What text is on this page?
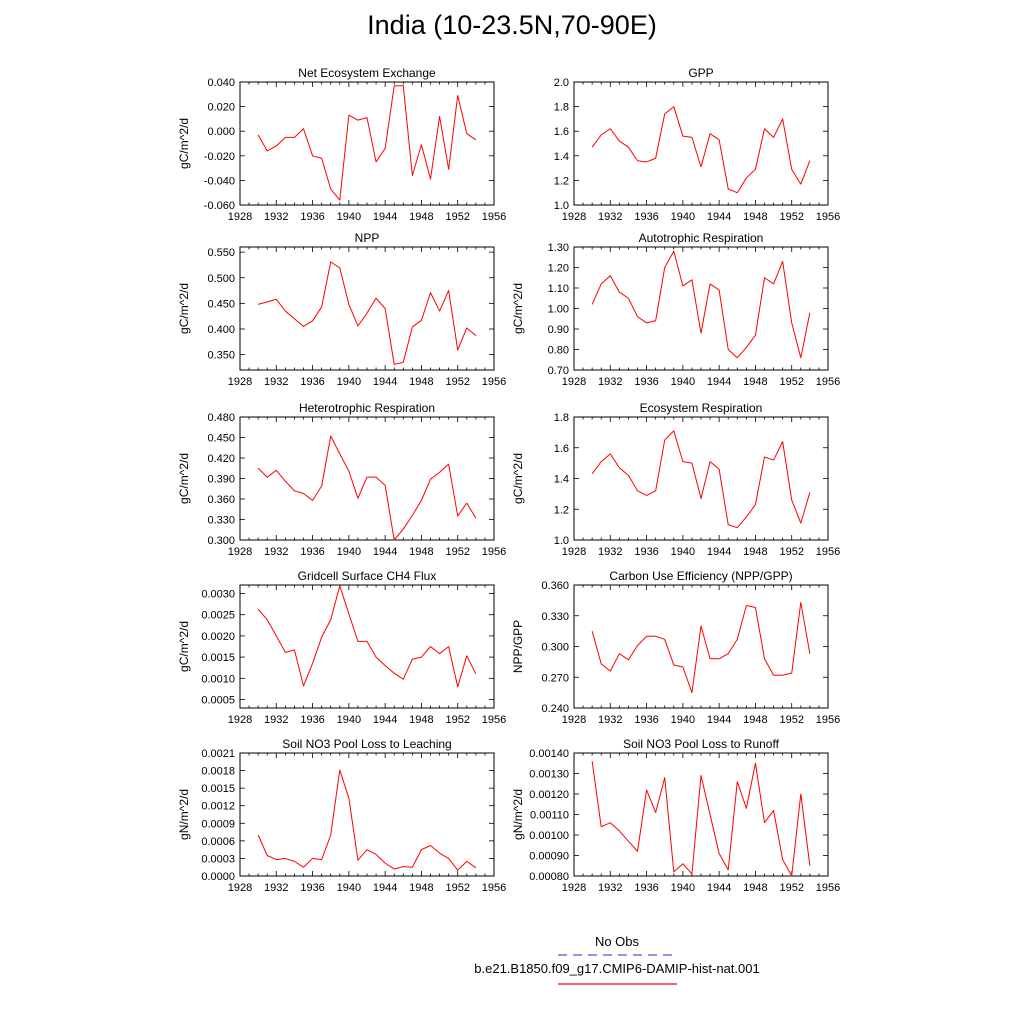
India (10-23.5N,70-90E)
Net Ecosystem Exchange
gC/m^2/d
1928 1932 1936 1940 1944 1948 1952 1956
-0.060
-0.040
-0.020
0.000
0.020
0.040
GPP
1928 1932 1936 1940 1944 1948 1952 1956
1.0
1.2
1.4
1.6
1.8
2.0
NPP
gC/m^2/d
1928 1932 1936 1940 1944 1948 1952 1956
0.350
0.400
0.450
0.500
0.550
Autotrophic Respiration
gC/m^2/d
1928 1932 1936 1940 1944 1948 1952 1956
0.70
0.80
0.90
1.00
1.10
1.20
1.30
Heterotrophic Respiration
gC/m^2/d
1928 1932 1936 1940 1944 1948 1952 1956
0.300
0.330
0.360
0.390
0.420
0.450
0.480
Ecosystem Respiration
gC/m^2/d
1928 1932 1936 1940 1944 1948 1952 1956
1.0
1.2
1.4
1.6
1.8
Gridcell Surface CH4 Flux
gC/m^2/d
1928 1932 1936 1940 1944 1948 1952 1956
0.0005
0.0010
0.0015
0.0020
0.0025
0.0030
Carbon Use Efficiency (NPP/GPP)
NPP/GPP
1928 1932 1936 1940 1944 1948 1952 1956
0.240
0.270
0.300
0.330
0.360
Soil NO3 Pool Loss to Leaching
gN/m^2/d
1928 1932 1936 1940 1944 1948 1952 1956
0.0000
0.0003
0.0006
0.0009
0.0012
0.0015
0.0018
0.0021
Soil NO3 Pool Loss to Runoff
gN/m^2/d
1928 1932 1936 1940 1944 1948 1952 1956
0.00080
0.00090
0.00100
0.00110
0.00120
0.00130
0.00140
No Obs
b.e21.B1850.f09_g17.CMIP6-DAMIP-hist-nat.001
